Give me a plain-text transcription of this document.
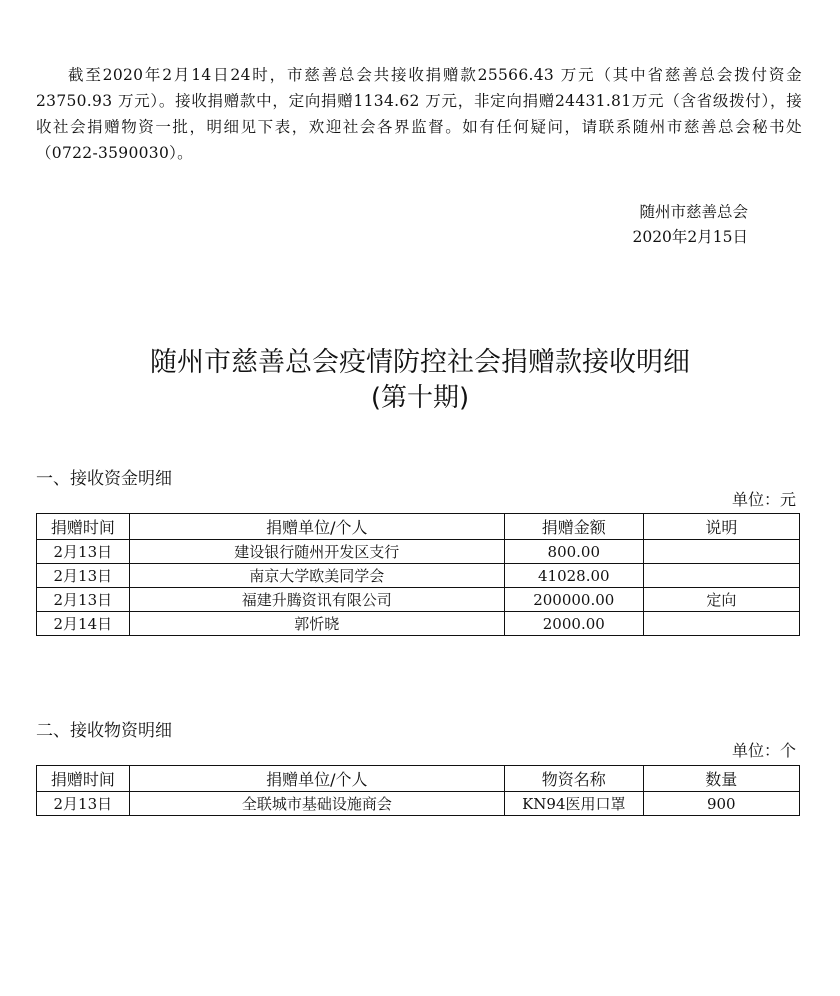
截至2020年2月14日24时，市慈善总会共接收捐赠款25566.43 万元（其中省慈善总会拨付资金23750.93 万元）。接收捐赠款中，定向捐赠1134.62 万元，非定向捐赠24431.81万元（含省级拨付），接收社会捐赠物资一批，明细见下表，欢迎社会各界监督。如有任何疑问，请联系随州市慈善总会秘书处（0722-3590030）。

随州市慈善总会
2020年2月15日
随州市慈善总会疫情防控社会捐赠款接收明细
(第十期)
一、接收资金明细
单位：元
捐赠时间	捐赠单位/个人	捐赠金额	说明
2月13日	建设银行随州开发区支行	800.00	
2月13日	南京大学欧美同学会	41028.00	
2月13日	福建升腾资讯有限公司	200000.00	定向
2月14日	郭忻晓	2000.00	
二、接收物资明细
单位：个
捐赠时间	捐赠单位/个人	物资名称	数量
2月13日	全联城市基础设施商会	KN94医用口罩	900
